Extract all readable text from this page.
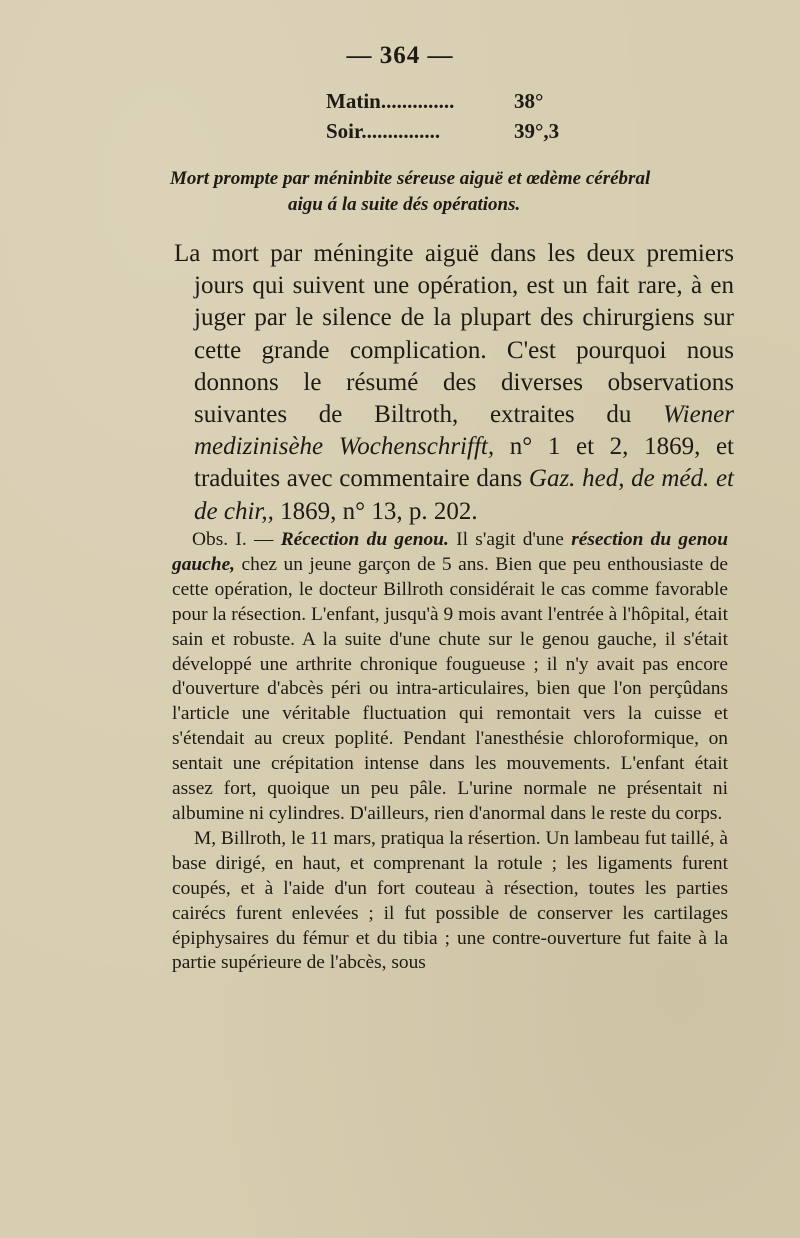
— 364 —
Matin..............	38°
Soir...............	39°,3
Mort prompte par méninbite séreuse aiguë et œdème cérébral
aigu á la suite dés opérations.

La mort par méningite aiguë dans les deux premiers jours qui suivent une opération, est un fait rare, à en juger par le silence de la plupart des chirurgiens sur cette grande complication. C'est pourquoi nous donnons le résumé des diverses observations suivantes de Biltroth, extraites du Wiener medizinisèhe Wochenschrifft, n° 1 et 2, 1869, et traduites avec commentaire dans Gaz. hed, de méd. et de chir,, 1869, n° 13, p. 202.

Obs. I. — Récection du genou. Il s'agit d'une résection du genou gauche, chez un jeune garçon de 5 ans. Bien que peu enthousiaste de cette opération, le docteur Billroth considérait le cas comme favorable pour la résection. L'enfant, jusqu'à 9 mois avant l'entrée à l'hôpital, était sain et robuste. A la suite d'une chute sur le genou gauche, il s'était développé une arthrite chronique fougueuse ; il n'y avait pas encore d'ouverture d'abcès péri ou intra-articulaires, bien que l'on perçûdans l'article une véritable fluctuation qui remontait vers la cuisse et s'étendait au creux poplité. Pendant l'anesthésie chloroformique, on sentait une crépitation intense dans les mouvements. L'enfant était assez fort, quoique un peu pâle. L'urine normale ne présentait ni albumine ni cylindres. D'ailleurs, rien d'anormal dans le reste du corps.

M, Billroth, le 11 mars, pratiqua la résertion. Un lambeau fut taillé, à base dirigé, en haut, et comprenant la rotule ; les ligaments furent coupés, et à l'aide d'un fort couteau à résection, toutes les parties cairécs furent enlevées ; il fut possible de conserver les cartilages épiphysaires du fémur et du tibia ; une contre-ouverture fut faite à la partie supérieure de l'abcès, sous
